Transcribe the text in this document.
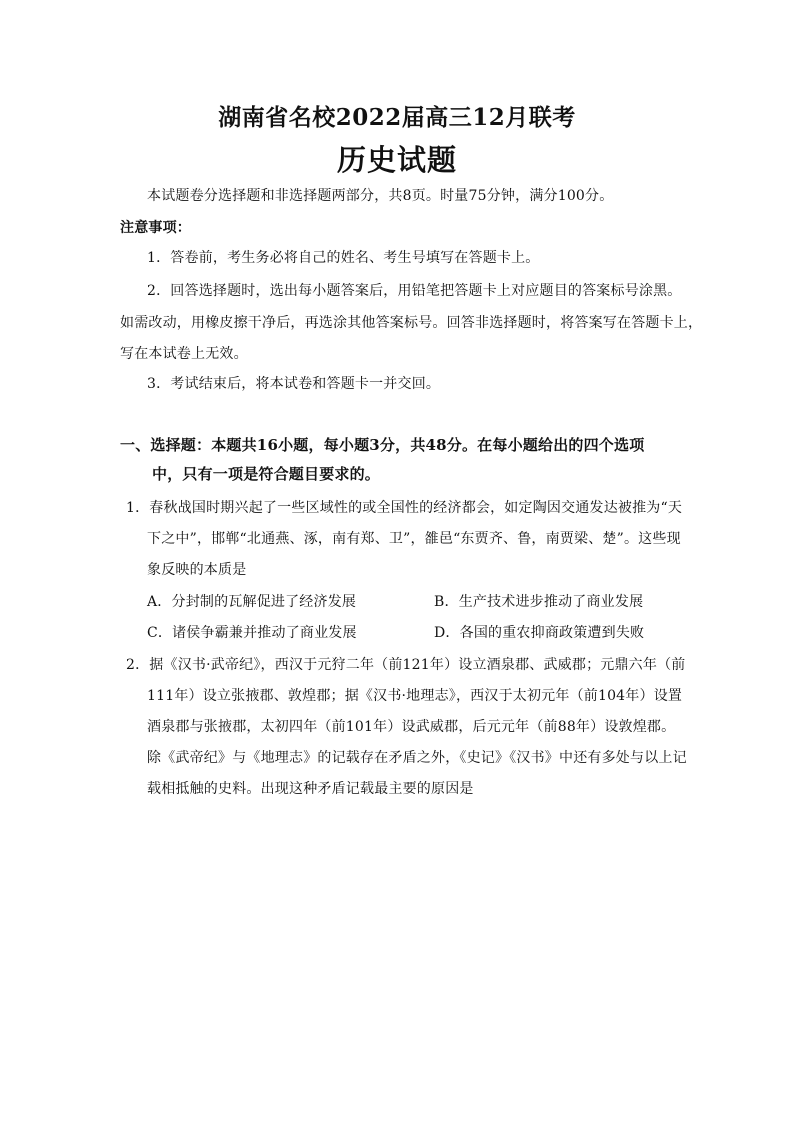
湖南省名校2022届高三12月联考
历史试题
本试题卷分选择题和非选择题两部分，共8页。时量75分钟，满分100分。
注意事项：
1．答卷前，考生务必将自己的姓名、考生号填写在答题卡上。
2．回答选择题时，选出每小题答案后，用铅笔把答题卡上对应题目的答案标号涂黑。
如需改动，用橡皮擦干净后，再选涂其他答案标号。回答非选择题时，将答案写在答题卡上，
写在本试卷上无效。
3．考试结束后，将本试卷和答题卡一并交回。
一、选择题：本题共16小题，每小题3分，共48分。在每小题给出的四个选项
中，只有一项是符合题目要求的。
1．春秋战国时期兴起了一些区域性的或全国性的经济都会，如定陶因交通发达被推为“天
下之中”，邯郸“北通燕、涿，南有郑、卫”，雒邑“东贾齐、鲁，南贾梁、楚”。这些现
象反映的本质是
A．分封制的瓦解促进了经济发展	B．生产技术进步推动了商业发展
C．诸侯争霸兼并推动了商业发展	D．各国的重农抑商政策遭到失败
2．据《汉书·武帝纪》，西汉于元狩二年（前121年）设立酒泉郡、武威郡；元鼎六年（前
111年）设立张掖郡、敦煌郡；据《汉书·地理志》，西汉于太初元年（前104年）设置
酒泉郡与张掖郡，太初四年（前101年）设武威郡，后元元年（前88年）设敦煌郡。
除《武帝纪》与《地理志》的记载存在矛盾之外，《史记》《汉书》中还有多处与以上记
载相抵触的史料。出现这种矛盾记载最主要的原因是
